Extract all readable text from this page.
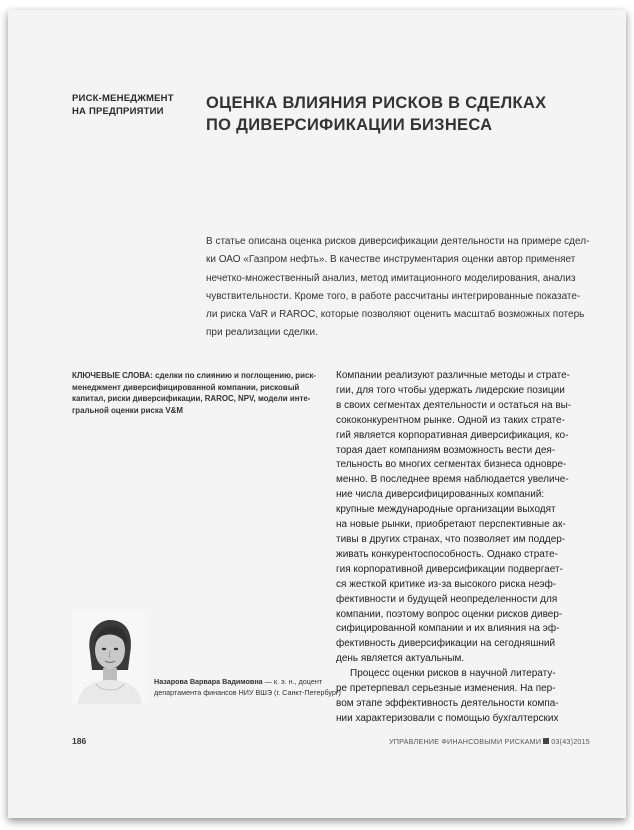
РИСК-МЕНЕДЖМЕНТ
НА ПРЕДПРИЯТИИ	ОЦЕНКА ВЛИЯНИЯ РИСКОВ В СДЕЛКАХ
ПО ДИВЕРСИФИКАЦИИ БИЗНЕСА
В статье описана оценка рисков диверсификации деятельности на примере сдел-
ки ОАО «Газпром нефть». В качестве инструментария оценки автор применяет
нечетко-множественный анализ, метод имитационного моделирования, анализ
чувствительности. Кроме того, в работе рассчитаны интегрированные показате-
ли риска VaR и RAROC, которые позволяют оценить масштаб возможных потерь
при реализации сделки.
КЛЮЧЕВЫЕ СЛОВА: сделки по слиянию и поглощению, риск-
менеджмент диверсифицированной компании, рисковый
капитал, риски диверсификации, RAROC, NPV, модели инте-
гральной оценки риска V&M
Компании реализуют различные методы и страте-
гии, для того чтобы удержать лидерские позиции
в своих сегментах деятельности и остаться на вы-
сококонкурентном рынке. Одной из таких страте-
гий является корпоративная диверсификация, ко-
торая дает компаниям возможность вести дея-
тельность во многих сегментах бизнеса одновре-
менно. В последнее время наблюдается увеличе-
ние числа диверсифицированных компаний:
крупные международные организации выходят
на новые рынки, приобретают перспективные ак-
тивы в других странах, что позволяет им поддер-
живать конкурентоспособность. Однако страте-
гия корпоративной диверсификации подвергает-
ся жесткой критике из-за высокого риска неэф-
фективности и будущей неопределенности для
компании, поэтому вопрос оценки рисков дивер-
сифицированной компании и их влияния на эф-
фективность диверсификации на сегодняшний
день является актуальным.
Процесс оценки рисков в научной литерату-
ре претерпевал серьезные изменения. На пер-
вом этапе эффективность деятельности компа-
нии характеризовали с помощью бухгалтерских
Назарова Варвара Вадимовна — к. э. н., доцент
департамента финансов НИУ ВШЭ (г. Санкт-Петербург)
186	УПРАВЛЕНИЕ ФИНАНСОВЫМИ РИСКАМИ 03(43)2015
